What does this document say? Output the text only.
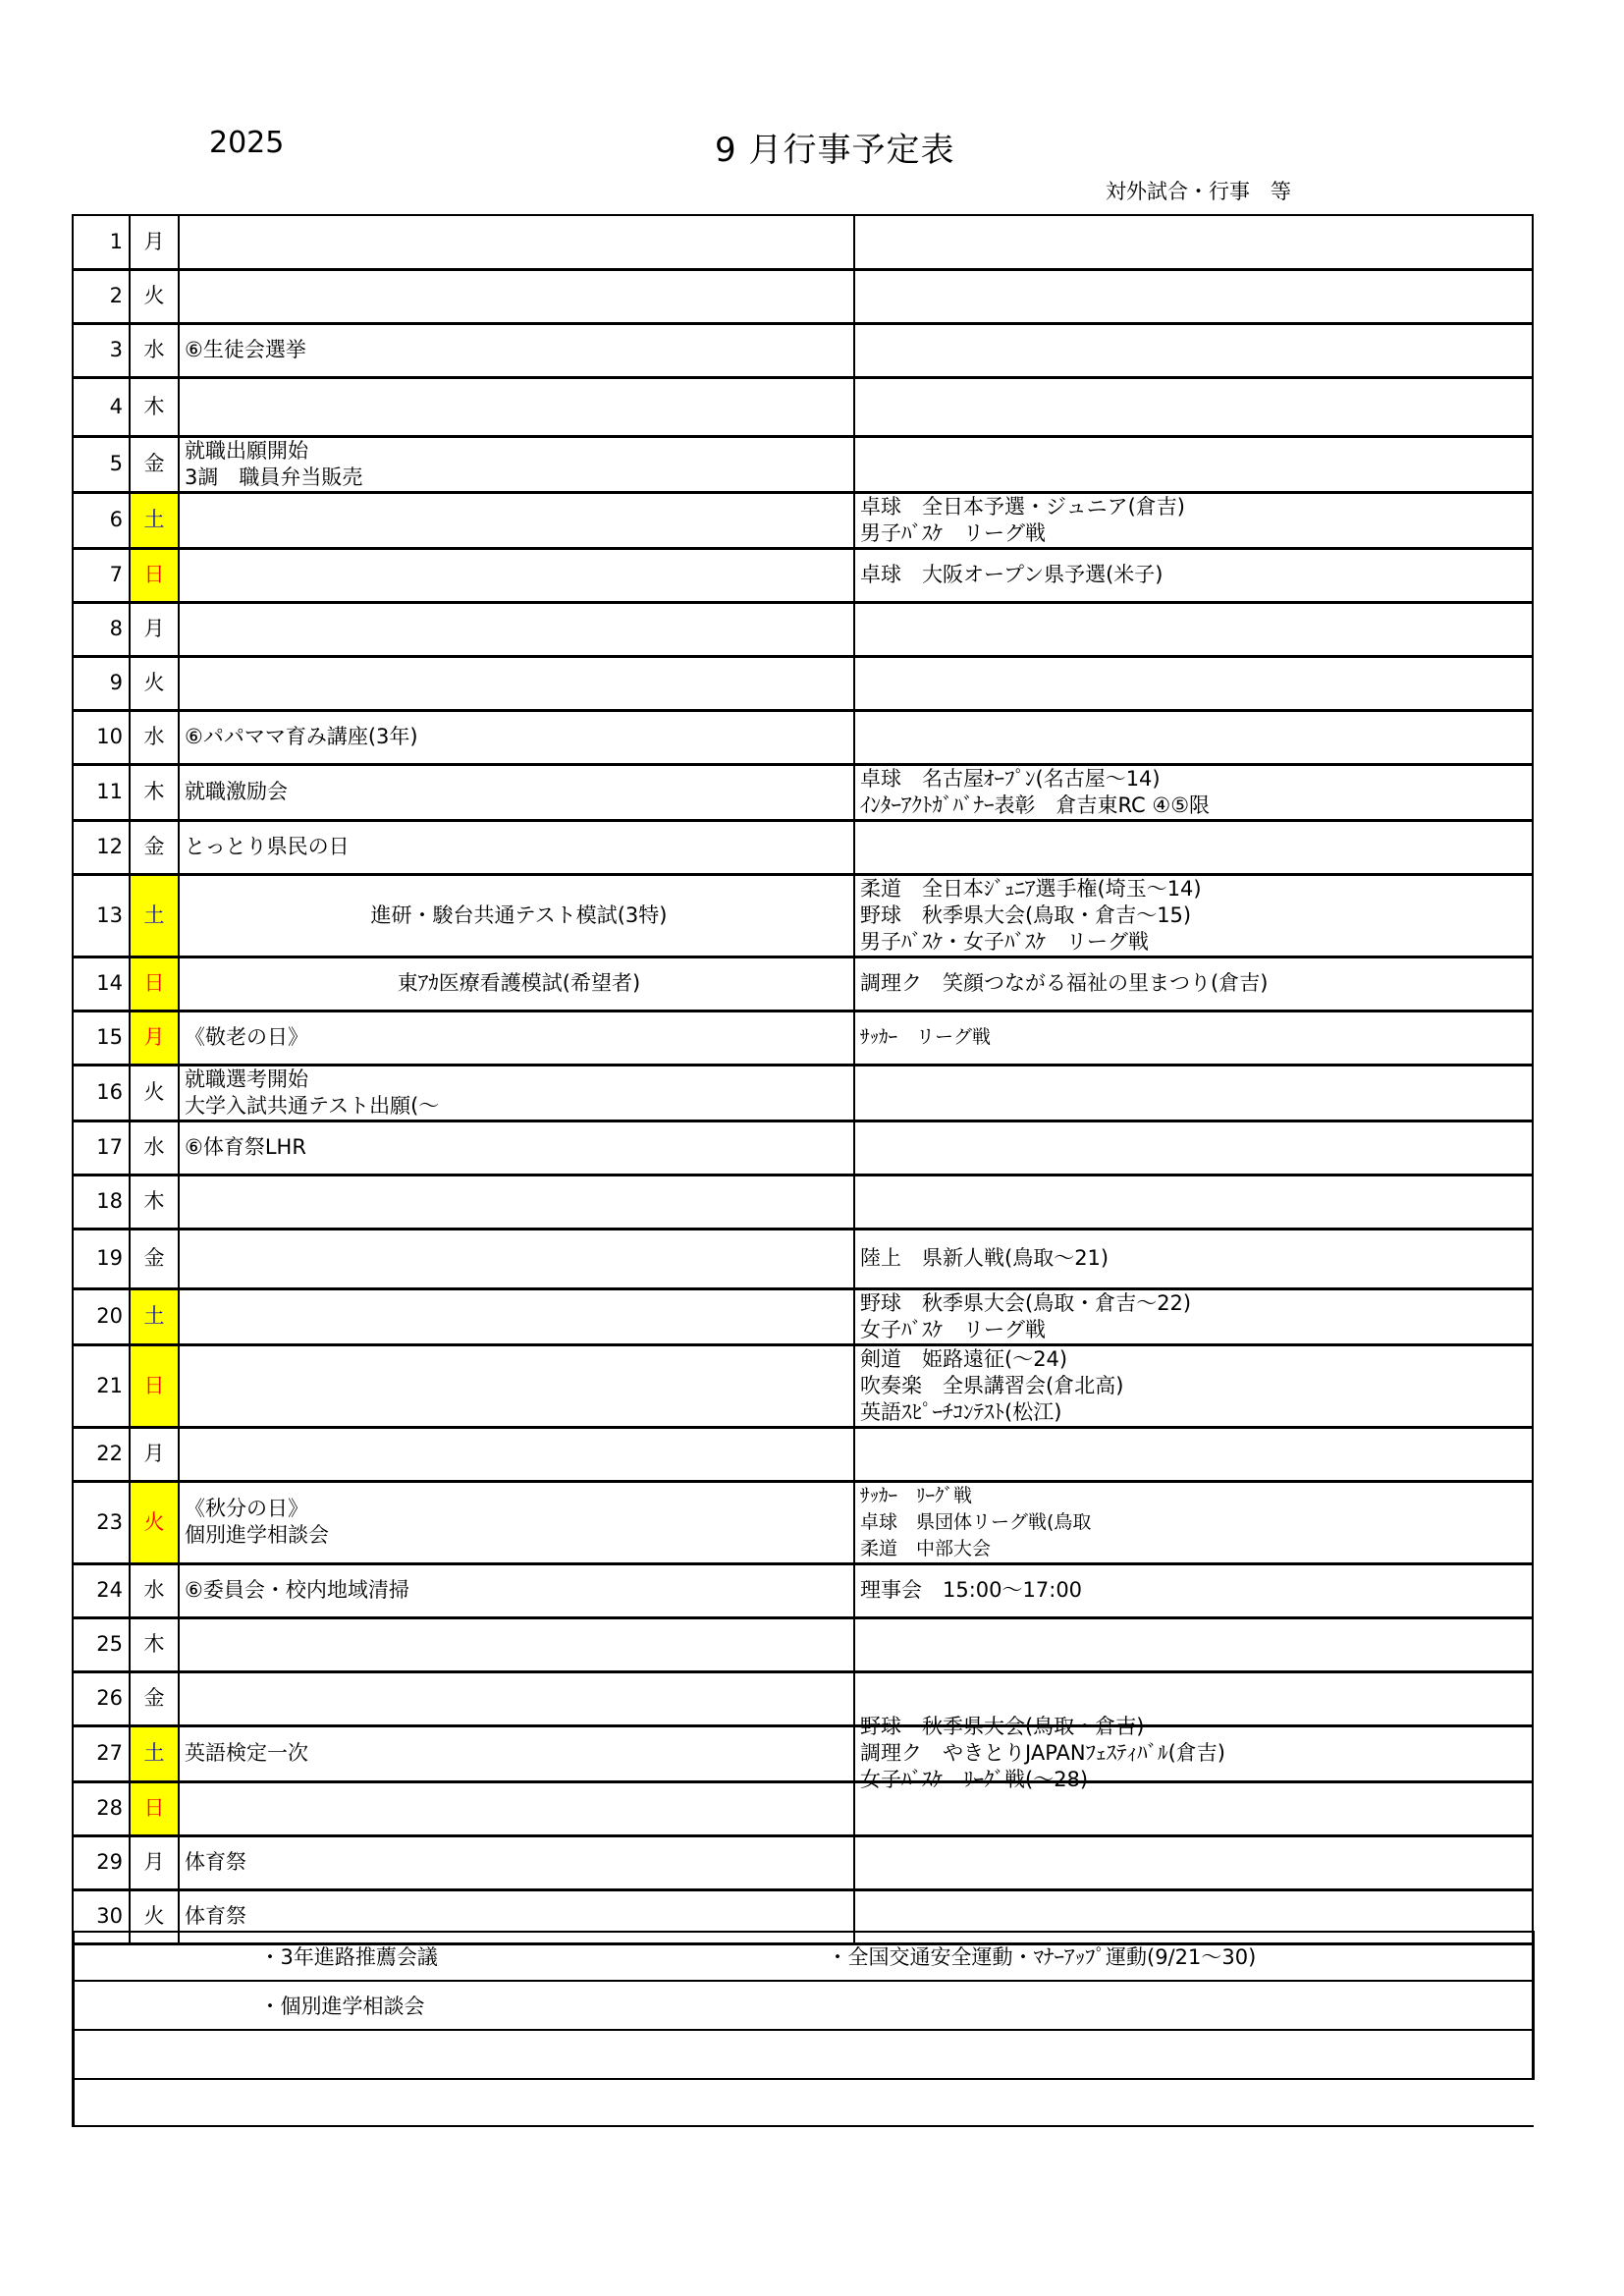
2025	9 月行事予定表
対外試合・行事　等
1	月		
2	火		
3	水	⑥生徒会選挙	

4	木		
5	金	就職出願開始
3調　職員弁当販売	

6	土		卓球　全日本予選・ジュニア(倉吉)
男子ﾊﾞｽｹ　リーグ戦

7	日		卓球　大阪オープン県予選(米子)

8	月		
9	火		
10	水	⑥パパママ育み講座(3年)	

11	木	就職激励会	卓球　名古屋ｵｰﾌﾟﾝ(名古屋～14)
ｲﾝﾀｰｱｸﾄｶﾞﾊﾞﾅｰ表彰　倉吉東RC ④⑤限

12	金	とっとり県民の日	

13	土	進研・駿台共通テスト模試(3特)	柔道　全日本ｼﾞｭﾆｱ選手権(埼玉～14)
野球　秋季県大会(鳥取・倉吉～15)
男子ﾊﾞｽｹ・女子ﾊﾞｽｹ　リーグ戦

14	日	東ｱｶ医療看護模試(希望者)	調理ク　笑顔つながる福祉の里まつり(倉吉)

15	月	《敬老の日》	ｻｯｶｰ　リーグ戦

16	火	就職選考開始
大学入試共通テスト出願(～	

17	水	⑥体育祭LHR	

18	木		
19	金		陸上　県新人戦(鳥取～21)

20	土		野球　秋季県大会(鳥取・倉吉～22)
女子ﾊﾞｽｹ　リーグ戦

21	日		剣道　姫路遠征(～24)
吹奏楽　全県講習会(倉北高)
英語ｽﾋﾟｰﾁｺﾝﾃｽﾄ(松江)

22	月		
23	火	《秋分の日》
個別進学相談会	ｻｯｶｰ　ﾘｰｸﾞ戦
卓球　県団体リーグ戦(鳥取
柔道　中部大会

24	水	⑥委員会・校内地域清掃	理事会　15:00～17:00

25	木		
26	金		
27	土	英語検定一次	野球　秋季県大会(鳥取・倉吉)
調理ク　やきとりJAPANﾌｪｽﾃｨﾊﾞﾙ(倉吉)
女子ﾊﾞｽｹ　ﾘｰｸﾞ戦(～28)

28	日		
29	月	体育祭	

30	火	体育祭	

	・3年進路推薦会議	・全国交通安全運動・ﾏﾅｰｱｯﾌﾟ運動(9/21～30)
	・個別進学相談会	
